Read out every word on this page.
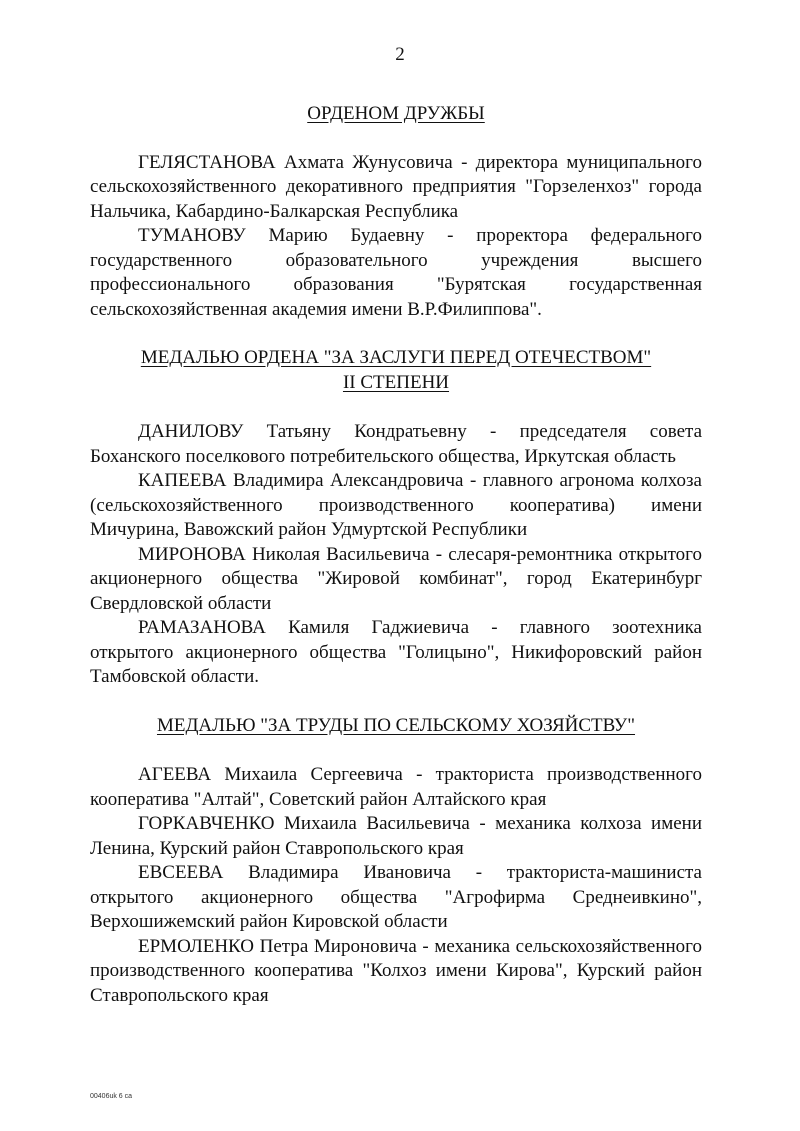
2

ОРДЕНОМ ДРУЖБЫ

ГЕЛЯСТАНОВА Ахмата Жунусовича - директора муниципального сельскохозяйственного декоративного предприятия "Горзеленхоз" города Нальчика, Кабардино-Балкарская Республика

ТУМАНОВУ Марию Будаевну - проректора федерального государственного образовательного учреждения высшего профессионального образования "Бурятская государственная сельскохозяйственная академия имени В.Р.Филиппова".

МЕДАЛЬЮ ОРДЕНА "ЗА ЗАСЛУГИ ПЕРЕД ОТЕЧЕСТВОМ"
II СТЕПЕНИ

ДАНИЛОВУ Татьяну Кондратьевну - председателя совета Боханского поселкового потребительского общества, Иркутская область

КАПЕЕВА Владимира Александровича - главного агронома колхоза (сельскохозяйственного производственного кооператива) имени Мичурина, Вавожский район Удмуртской Республики

МИРОНОВА Николая Васильевича - слесаря-ремонтника открытого акционерного общества "Жировой комбинат", город Екатеринбург Свердловской области

РАМАЗАНОВА Камиля Гаджиевича - главного зоотехника открытого акционерного общества "Голицыно", Никифоровский район Тамбовской области.

МЕДАЛЬЮ "ЗА ТРУДЫ ПО СЕЛЬСКОМУ ХОЗЯЙСТВУ"

АГЕЕВА Михаила Сергеевича - тракториста производственного кооператива "Алтай", Советский район Алтайского края

ГОРКАВЧЕНКО Михаила Васильевича - механика колхоза имени Ленина, Курский район Ставропольского края

ЕВСЕЕВА Владимира Ивановича - тракториста-машиниста открытого акционерного общества "Агрофирма Среднеивкино", Верхошижемский район Кировской области

ЕРМОЛЕНКО Петра Мироновича - механика сельскохозяйственного производственного кооператива "Колхоз имени Кирова", Курский район Ставропольского края

00406uk 6 ca
